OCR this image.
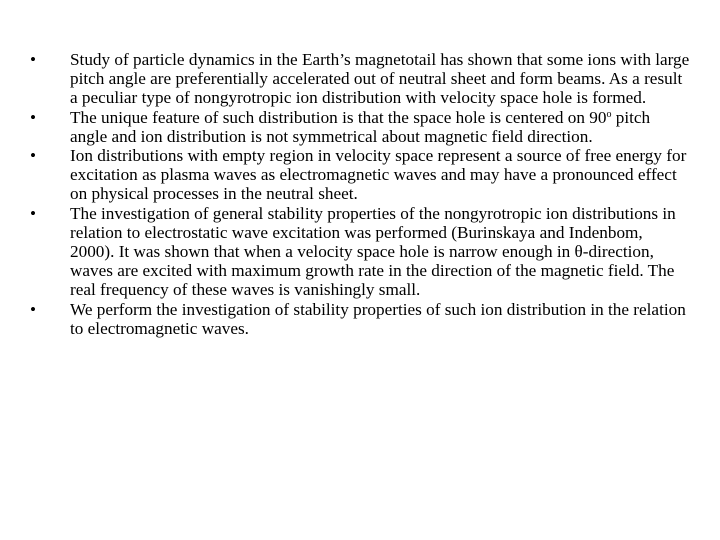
•	Study of particle dynamics in the Earth’s magnetotail has shown that some ions with large pitch angle are preferentially accelerated out of neutral sheet and form beams. As a result a peculiar type of nongyrotropic ion distribution with velocity space hole is formed.
•	The unique feature of such distribution is that the space hole is centered on 90$^o$ pitch angle and ion distribution is not symmetrical about magnetic field direction.
•	Ion distributions with empty region in velocity space represent a source of free energy for excitation as plasma waves as electromagnetic waves and may have a pronounced effect on physical processes in the neutral sheet.
•	The investigation of general stability properties of the nongyrotropic ion distributions in relation to electrostatic wave excitation was performed (Burinskaya and Indenbom, 2000). It was shown that when a velocity space hole is narrow enough in θ-direction, waves are excited with maximum growth rate in the direction of the magnetic field. The real frequency of these waves is vanishingly small.
•	We perform the investigation of stability properties of such ion distribution in the relation to electromagnetic waves.
